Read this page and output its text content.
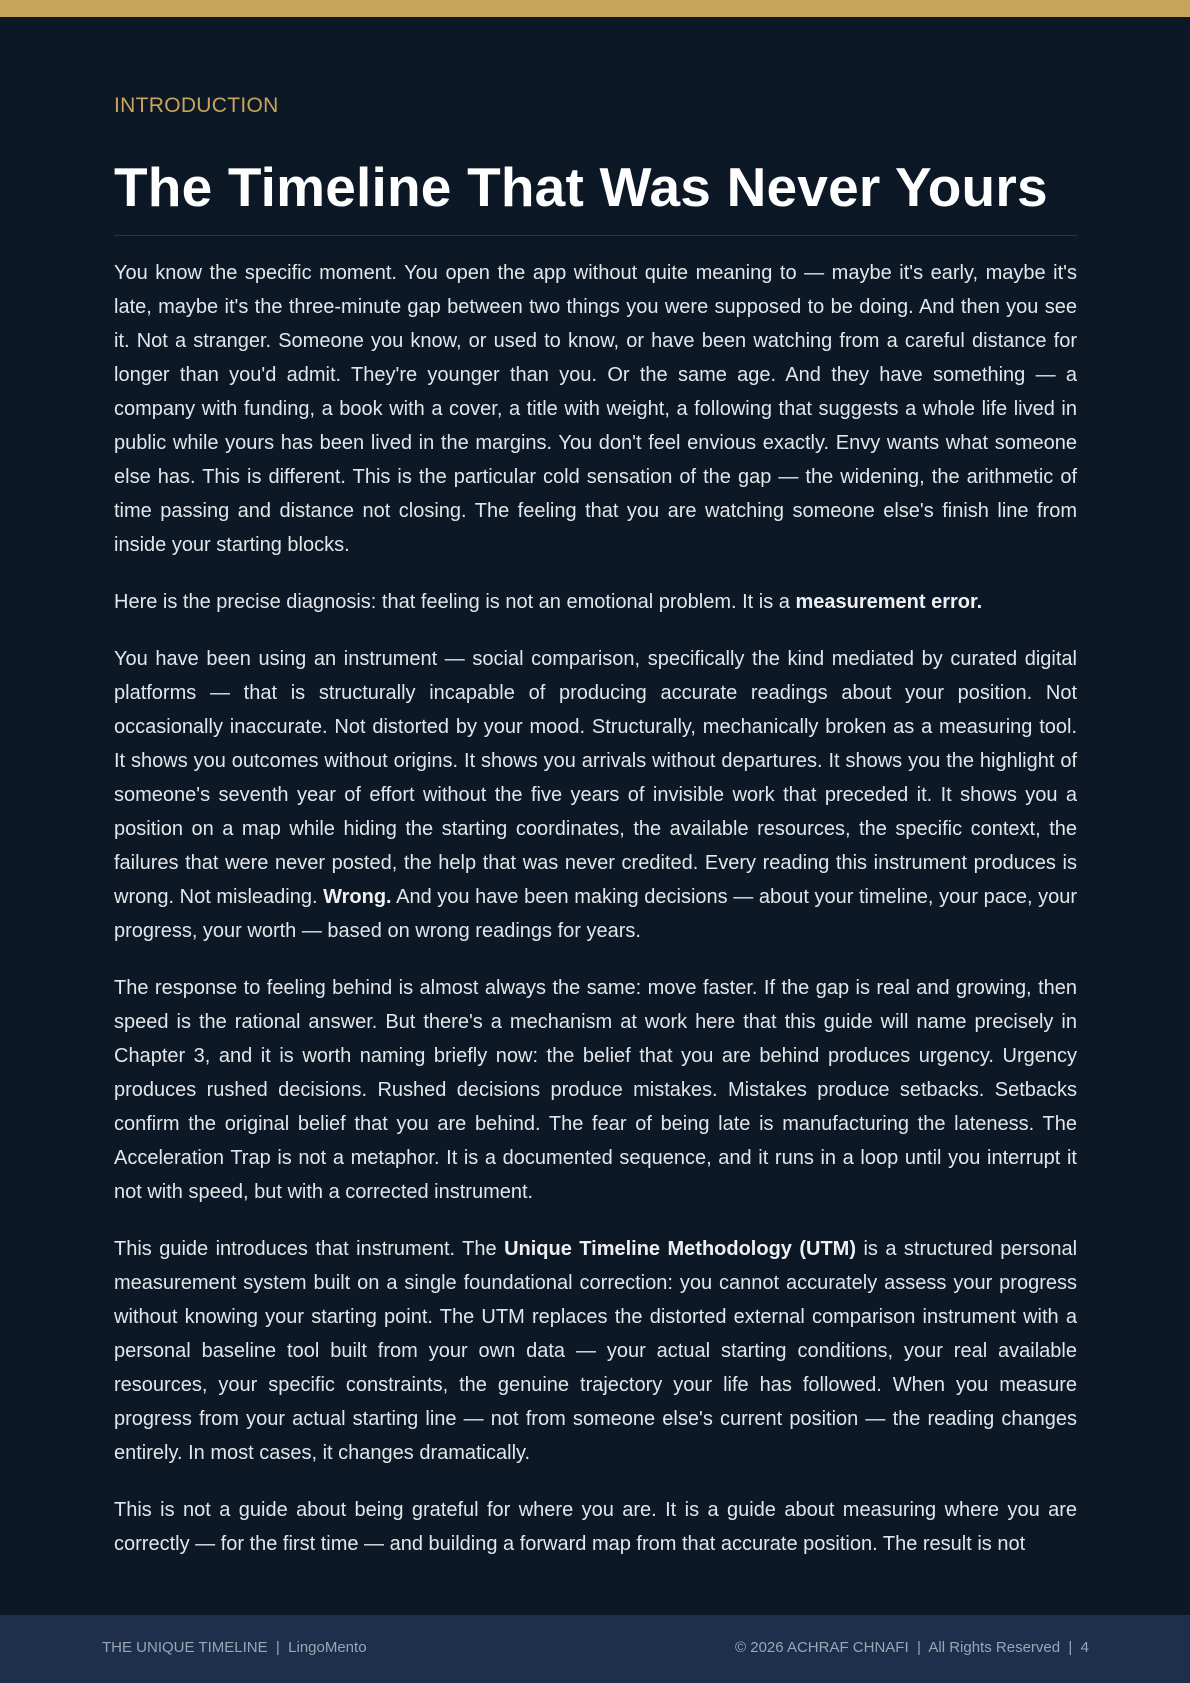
INTRODUCTION
The Timeline That Was Never Yours

You know the specific moment. You open the app without quite meaning to — maybe it's early, maybe it's late, maybe it's the three-minute gap between two things you were supposed to be doing. And then you see it. Not a stranger. Someone you know, or used to know, or have been watching from a careful distance for longer than you'd admit. They're younger than you. Or the same age. And they have something — a company with funding, a book with a cover, a title with weight, a following that suggests a whole life lived in public while yours has been lived in the margins. You don't feel envious exactly. Envy wants what someone else has. This is different. This is the particular cold sensation of the gap — the widening, the arithmetic of time passing and distance not closing. The feeling that you are watching someone else's finish line from inside your starting blocks.

Here is the precise diagnosis: that feeling is not an emotional problem. It is a measurement error.

You have been using an instrument — social comparison, specifically the kind mediated by curated digital platforms — that is structurally incapable of producing accurate readings about your position. Not occasionally inaccurate. Not distorted by your mood. Structurally, mechanically broken as a measuring tool. It shows you outcomes without origins. It shows you arrivals without departures. It shows you the highlight of someone's seventh year of effort without the five years of invisible work that preceded it. It shows you a position on a map while hiding the starting coordinates, the available resources, the specific context, the failures that were never posted, the help that was never credited. Every reading this instrument produces is wrong. Not misleading. Wrong. And you have been making decisions — about your timeline, your pace, your progress, your worth — based on wrong readings for years.

The response to feeling behind is almost always the same: move faster. If the gap is real and growing, then speed is the rational answer. But there's a mechanism at work here that this guide will name precisely in Chapter 3, and it is worth naming briefly now: the belief that you are behind produces urgency. Urgency produces rushed decisions. Rushed decisions produce mistakes. Mistakes produce setbacks. Setbacks confirm the original belief that you are behind. The fear of being late is manufacturing the lateness. The Acceleration Trap is not a metaphor. It is a documented sequence, and it runs in a loop until you interrupt it not with speed, but with a corrected instrument.

This guide introduces that instrument. The Unique Timeline Methodology (UTM) is a structured personal measurement system built on a single foundational correction: you cannot accurately assess your progress without knowing your starting point. The UTM replaces the distorted external comparison instrument with a personal baseline tool built from your own data — your actual starting conditions, your real available resources, your specific constraints, the genuine trajectory your life has followed. When you measure progress from your actual starting line — not from someone else's current position — the reading changes entirely. In most cases, it changes dramatically.

This is not a guide about being grateful for where you are. It is a guide about measuring where you are correctly — for the first time — and building a forward map from that accurate position. The result is not

THE UNIQUE TIMELINE  |  LingoMento	© 2026 ACHRAF CHNAFI  |  All Rights Reserved  |  4
